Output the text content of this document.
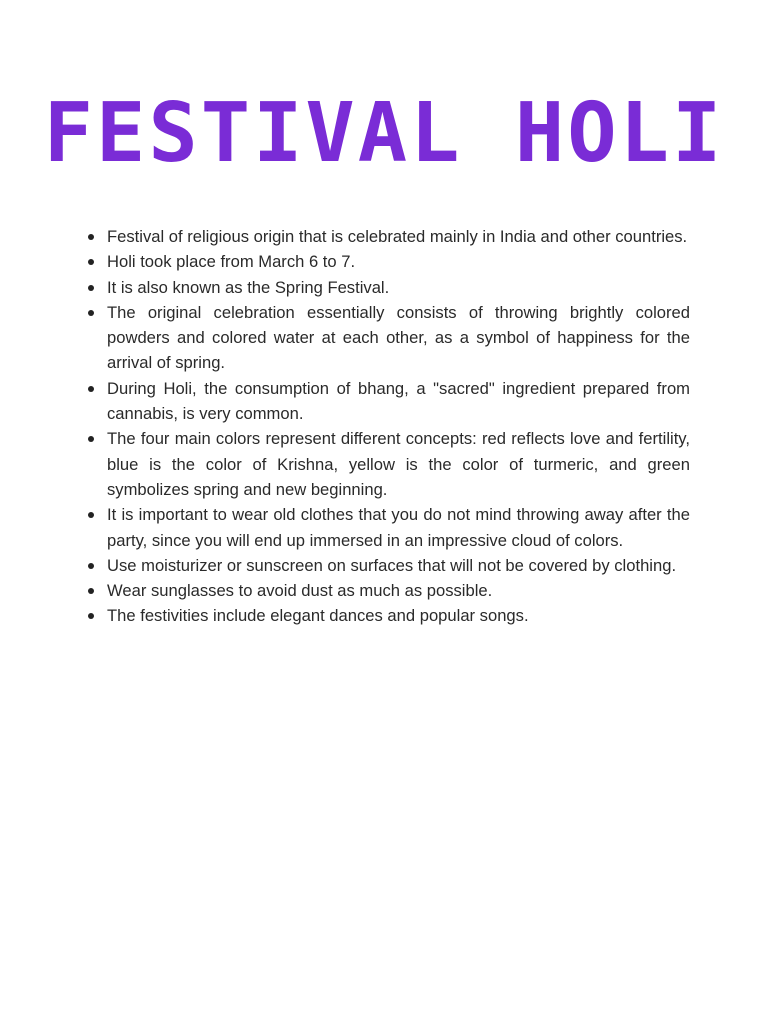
FESTIVAL HOLI
Festival of religious origin that is celebrated mainly in India and other countries.
Holi took place from March 6 to 7.
It is also known as the Spring Festival.
The original celebration essentially consists of throwing brightly colored powders and colored water at each other, as a symbol of happiness for the arrival of spring.
During Holi, the consumption of bhang, a "sacred" ingredient prepared from cannabis, is very common.
The four main colors represent different concepts: red reflects love and fertility, blue is the color of Krishna, yellow is the color of turmeric, and green symbolizes spring and new beginning.
It is important to wear old clothes that you do not mind throwing away after the party, since you will end up immersed in an impressive cloud of colors.
Use moisturizer or sunscreen on surfaces that will not be covered by clothing.
Wear sunglasses to avoid dust as much as possible.
The festivities include elegant dances and popular songs.
